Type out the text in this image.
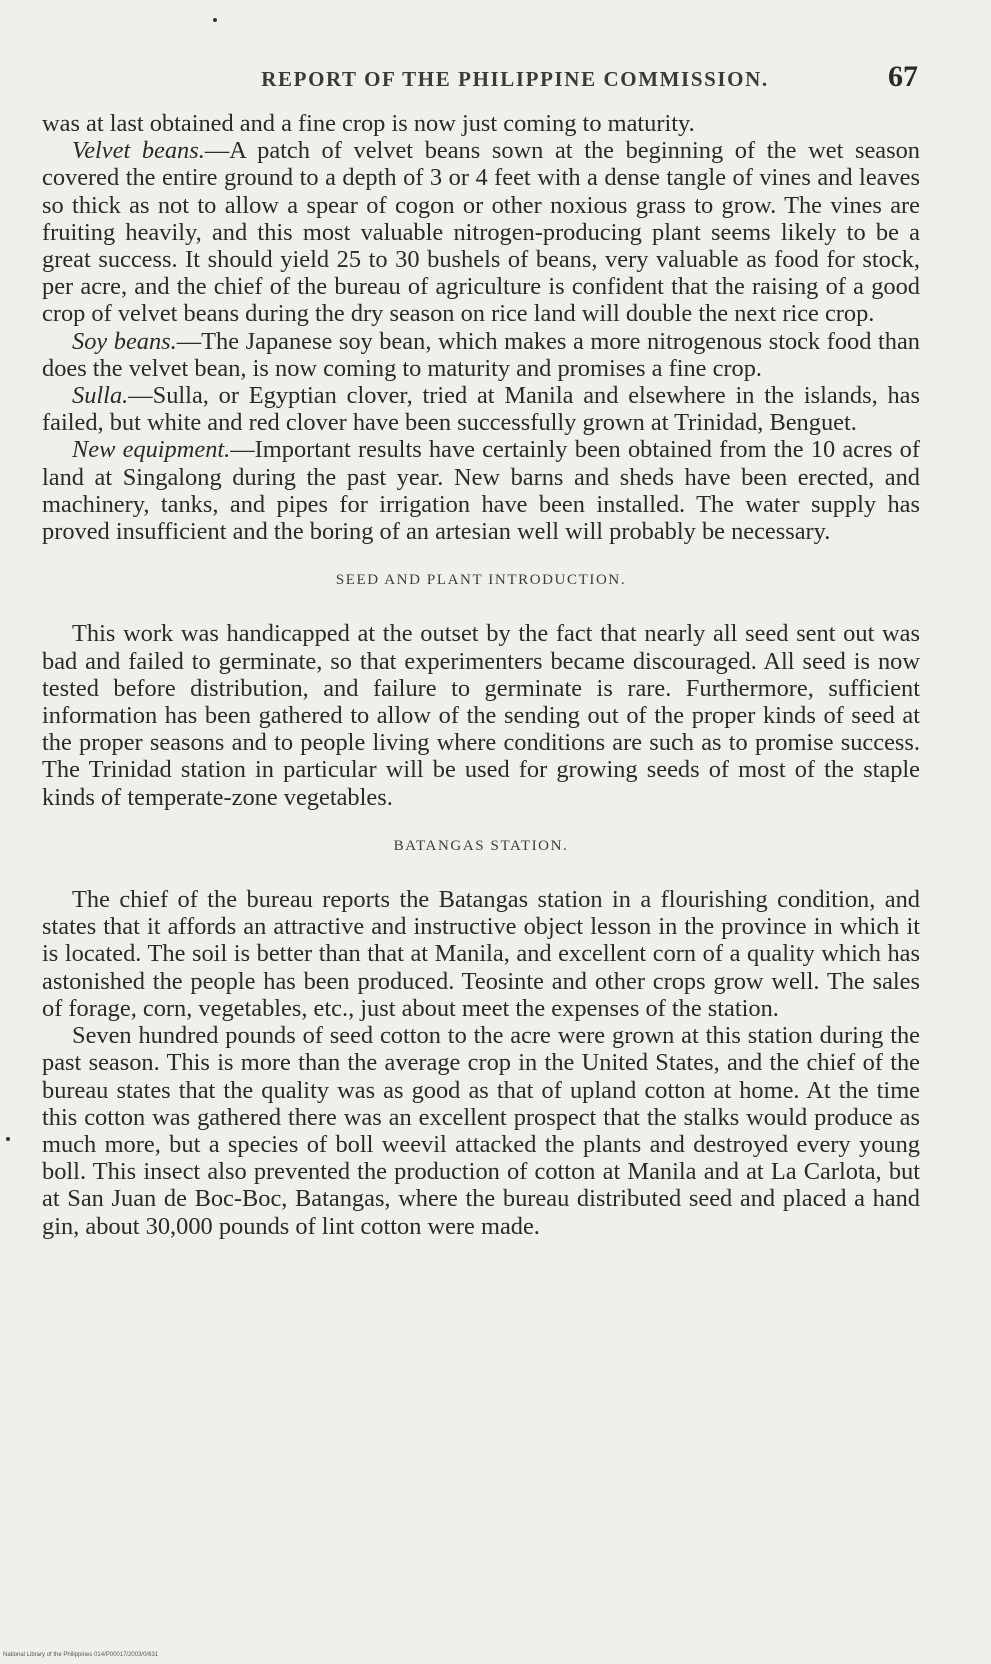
REPORT OF THE PHILIPPINE COMMISSION.	67

was at last obtained and a fine crop is now just coming to maturity.

Velvet beans.—A patch of velvet beans sown at the beginning of the wet season covered the entire ground to a depth of 3 or 4 feet with a dense tangle of vines and leaves so thick as not to allow a spear of cogon or other noxious grass to grow. The vines are fruiting heavily, and this most valuable nitrogen-producing plant seems likely to be a great success. It should yield 25 to 30 bushels of beans, very valuable as food for stock, per acre, and the chief of the bureau of agriculture is confident that the raising of a good crop of velvet beans during the dry season on rice land will double the next rice crop.

Soy beans.—The Japanese soy bean, which makes a more nitrogenous stock food than does the velvet bean, is now coming to maturity and promises a fine crop.

Sulla.—Sulla, or Egyptian clover, tried at Manila and elsewhere in the islands, has failed, but white and red clover have been successfully grown at Trinidad, Benguet.

New equipment.—Important results have certainly been obtained from the 10 acres of land at Singalong during the past year. New barns and sheds have been erected, and machinery, tanks, and pipes for irrigation have been installed. The water supply has proved insufficient and the boring of an artesian well will probably be necessary.

SEED AND PLANT INTRODUCTION.

This work was handicapped at the outset by the fact that nearly all seed sent out was bad and failed to germinate, so that experimenters became discouraged. All seed is now tested before distribution, and failure to germinate is rare. Furthermore, sufficient information has been gathered to allow of the sending out of the proper kinds of seed at the proper seasons and to people living where conditions are such as to promise success. The Trinidad station in particular will be used for growing seeds of most of the staple kinds of temperate-zone vegetables.

BATANGAS STATION.

The chief of the bureau reports the Batangas station in a flourishing condition, and states that it affords an attractive and instructive object lesson in the province in which it is located. The soil is better than that at Manila, and excellent corn of a quality which has astonished the people has been produced. Teosinte and other crops grow well. The sales of forage, corn, vegetables, etc., just about meet the expenses of the station.

Seven hundred pounds of seed cotton to the acre were grown at this station during the past season. This is more than the average crop in the United States, and the chief of the bureau states that the quality was as good as that of upland cotton at home. At the time this cotton was gathered there was an excellent prospect that the stalks would produce as much more, but a species of boll weevil attacked the plants and destroyed every young boll. This insect also prevented the production of cotton at Manila and at La Carlota, but at San Juan de Boc-Boc, Batangas, where the bureau distributed seed and placed a hand gin, about 30,000 pounds of lint cotton were made.

National Library of the Philippines 014/P00017/2003/0/631
